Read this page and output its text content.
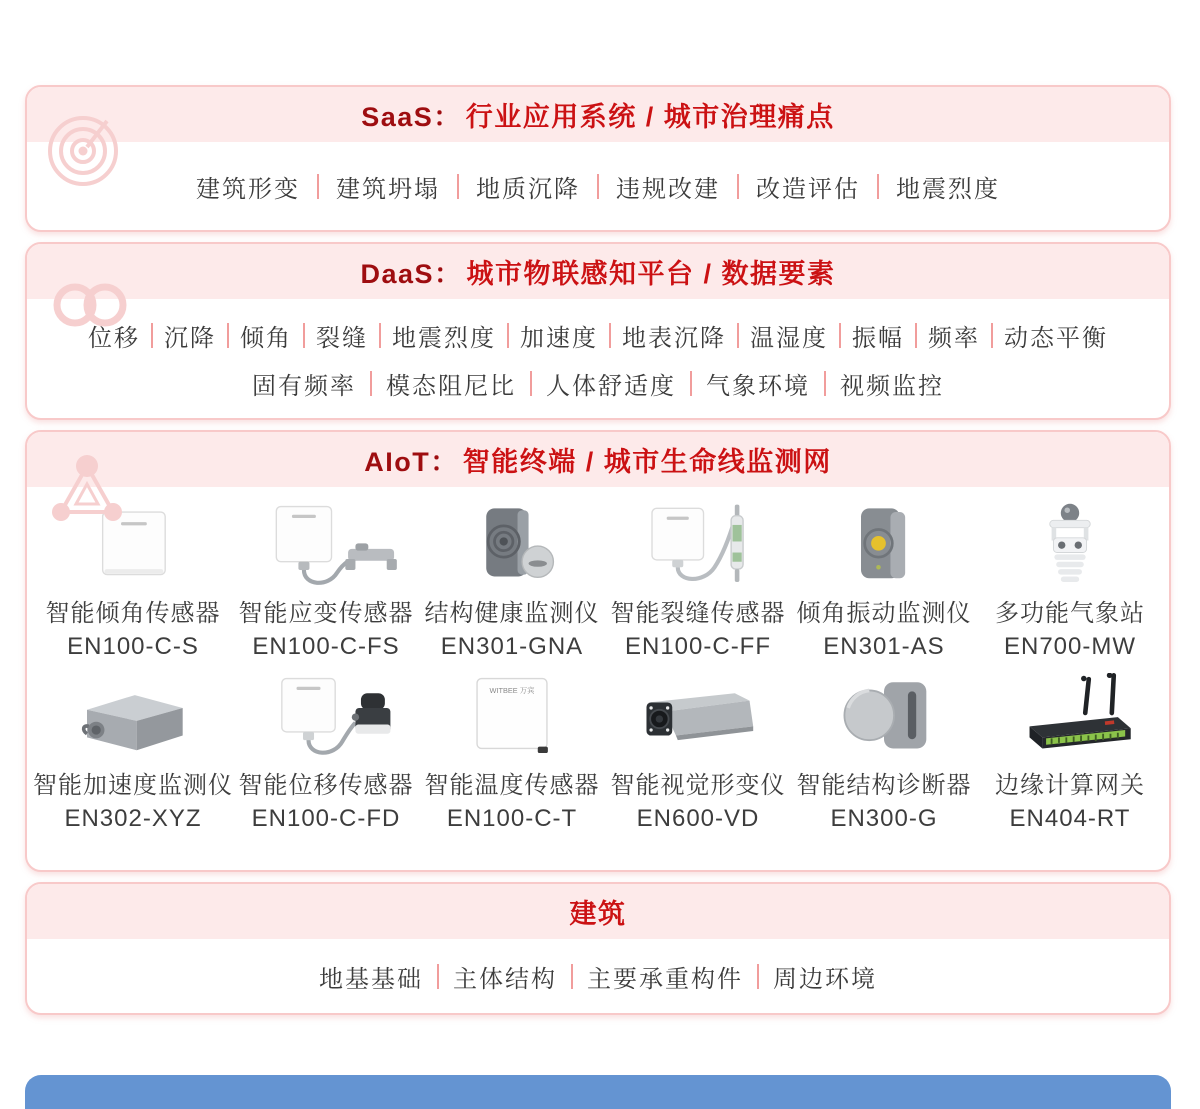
SaaS： 行业应用系统 / 城市治理痛点
建筑形变 建筑坍塌 地质沉降 违规改建 改造评估 地震烈度
DaaS： 城市物联感知平台 / 数据要素
位移 沉降 倾角 裂缝 地震烈度 加速度 地表沉降 温湿度 振幅 频率 动态平衡
固有频率 模态阻尼比 人体舒适度 气象环境 视频监控
AIoT： 智能终端 / 城市生命线监测网
智能倾角传感器
EN100-C-S
智能应变传感器
EN100-C-FS
结构健康监测仪
EN301-GNA
智能裂缝传感器
EN100-C-FF
倾角振动监测仪
EN301-AS
多功能气象站
EN700-MW
智能加速度监测仪
EN302-XYZ
智能位移传感器
EN100-C-FD
WITBEE 万宾
智能温度传感器
EN100-C-T
智能视觉形变仪
EN600-VD
智能结构诊断器
EN300-G
边缘计算网关
EN404-RT
建筑
地基基础 主体结构 主要承重构件 周边环境
